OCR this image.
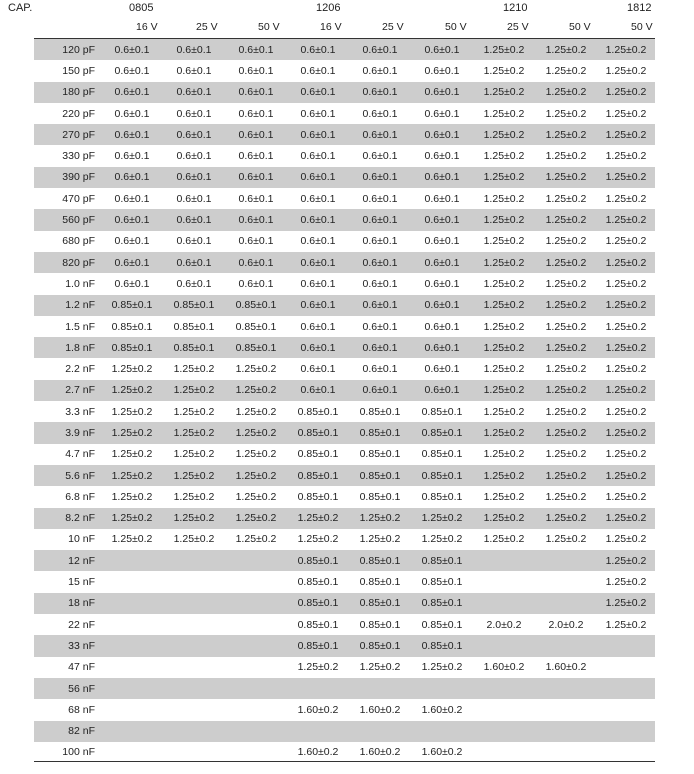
CAP.	0805	1206	1210	1812
16 V	25 V	50 V	16 V	25 V	50 V	25 V	50 V	50 V
120 pF	0.6±0.1	0.6±0.1	0.6±0.1	0.6±0.1	0.6±0.1	0.6±0.1	1.25±0.2	1.25±0.2	1.25±0.2
150 pF	0.6±0.1	0.6±0.1	0.6±0.1	0.6±0.1	0.6±0.1	0.6±0.1	1.25±0.2	1.25±0.2	1.25±0.2
180 pF	0.6±0.1	0.6±0.1	0.6±0.1	0.6±0.1	0.6±0.1	0.6±0.1	1.25±0.2	1.25±0.2	1.25±0.2
220 pF	0.6±0.1	0.6±0.1	0.6±0.1	0.6±0.1	0.6±0.1	0.6±0.1	1.25±0.2	1.25±0.2	1.25±0.2
270 pF	0.6±0.1	0.6±0.1	0.6±0.1	0.6±0.1	0.6±0.1	0.6±0.1	1.25±0.2	1.25±0.2	1.25±0.2
330 pF	0.6±0.1	0.6±0.1	0.6±0.1	0.6±0.1	0.6±0.1	0.6±0.1	1.25±0.2	1.25±0.2	1.25±0.2
390 pF	0.6±0.1	0.6±0.1	0.6±0.1	0.6±0.1	0.6±0.1	0.6±0.1	1.25±0.2	1.25±0.2	1.25±0.2
470 pF	0.6±0.1	0.6±0.1	0.6±0.1	0.6±0.1	0.6±0.1	0.6±0.1	1.25±0.2	1.25±0.2	1.25±0.2
560 pF	0.6±0.1	0.6±0.1	0.6±0.1	0.6±0.1	0.6±0.1	0.6±0.1	1.25±0.2	1.25±0.2	1.25±0.2
680 pF	0.6±0.1	0.6±0.1	0.6±0.1	0.6±0.1	0.6±0.1	0.6±0.1	1.25±0.2	1.25±0.2	1.25±0.2
820 pF	0.6±0.1	0.6±0.1	0.6±0.1	0.6±0.1	0.6±0.1	0.6±0.1	1.25±0.2	1.25±0.2	1.25±0.2
1.0 nF	0.6±0.1	0.6±0.1	0.6±0.1	0.6±0.1	0.6±0.1	0.6±0.1	1.25±0.2	1.25±0.2	1.25±0.2
1.2 nF	0.85±0.1	0.85±0.1	0.85±0.1	0.6±0.1	0.6±0.1	0.6±0.1	1.25±0.2	1.25±0.2	1.25±0.2
1.5 nF	0.85±0.1	0.85±0.1	0.85±0.1	0.6±0.1	0.6±0.1	0.6±0.1	1.25±0.2	1.25±0.2	1.25±0.2
1.8 nF	0.85±0.1	0.85±0.1	0.85±0.1	0.6±0.1	0.6±0.1	0.6±0.1	1.25±0.2	1.25±0.2	1.25±0.2
2.2 nF	1.25±0.2	1.25±0.2	1.25±0.2	0.6±0.1	0.6±0.1	0.6±0.1	1.25±0.2	1.25±0.2	1.25±0.2
2.7 nF	1.25±0.2	1.25±0.2	1.25±0.2	0.6±0.1	0.6±0.1	0.6±0.1	1.25±0.2	1.25±0.2	1.25±0.2
3.3 nF	1.25±0.2	1.25±0.2	1.25±0.2	0.85±0.1	0.85±0.1	0.85±0.1	1.25±0.2	1.25±0.2	1.25±0.2
3.9 nF	1.25±0.2	1.25±0.2	1.25±0.2	0.85±0.1	0.85±0.1	0.85±0.1	1.25±0.2	1.25±0.2	1.25±0.2
4.7 nF	1.25±0.2	1.25±0.2	1.25±0.2	0.85±0.1	0.85±0.1	0.85±0.1	1.25±0.2	1.25±0.2	1.25±0.2
5.6 nF	1.25±0.2	1.25±0.2	1.25±0.2	0.85±0.1	0.85±0.1	0.85±0.1	1.25±0.2	1.25±0.2	1.25±0.2
6.8 nF	1.25±0.2	1.25±0.2	1.25±0.2	0.85±0.1	0.85±0.1	0.85±0.1	1.25±0.2	1.25±0.2	1.25±0.2
8.2 nF	1.25±0.2	1.25±0.2	1.25±0.2	1.25±0.2	1.25±0.2	1.25±0.2	1.25±0.2	1.25±0.2	1.25±0.2
10 nF	1.25±0.2	1.25±0.2	1.25±0.2	1.25±0.2	1.25±0.2	1.25±0.2	1.25±0.2	1.25±0.2	1.25±0.2
12 nF				0.85±0.1	0.85±0.1	0.85±0.1			1.25±0.2
15 nF				0.85±0.1	0.85±0.1	0.85±0.1			1.25±0.2
18 nF				0.85±0.1	0.85±0.1	0.85±0.1			1.25±0.2
22 nF				0.85±0.1	0.85±0.1	0.85±0.1	2.0±0.2	2.0±0.2	1.25±0.2
33 nF				0.85±0.1	0.85±0.1	0.85±0.1			
47 nF				1.25±0.2	1.25±0.2	1.25±0.2	1.60±0.2	1.60±0.2	
56 nF									
68 nF				1.60±0.2	1.60±0.2	1.60±0.2			
82 nF									
100 nF				1.60±0.2	1.60±0.2	1.60±0.2			
